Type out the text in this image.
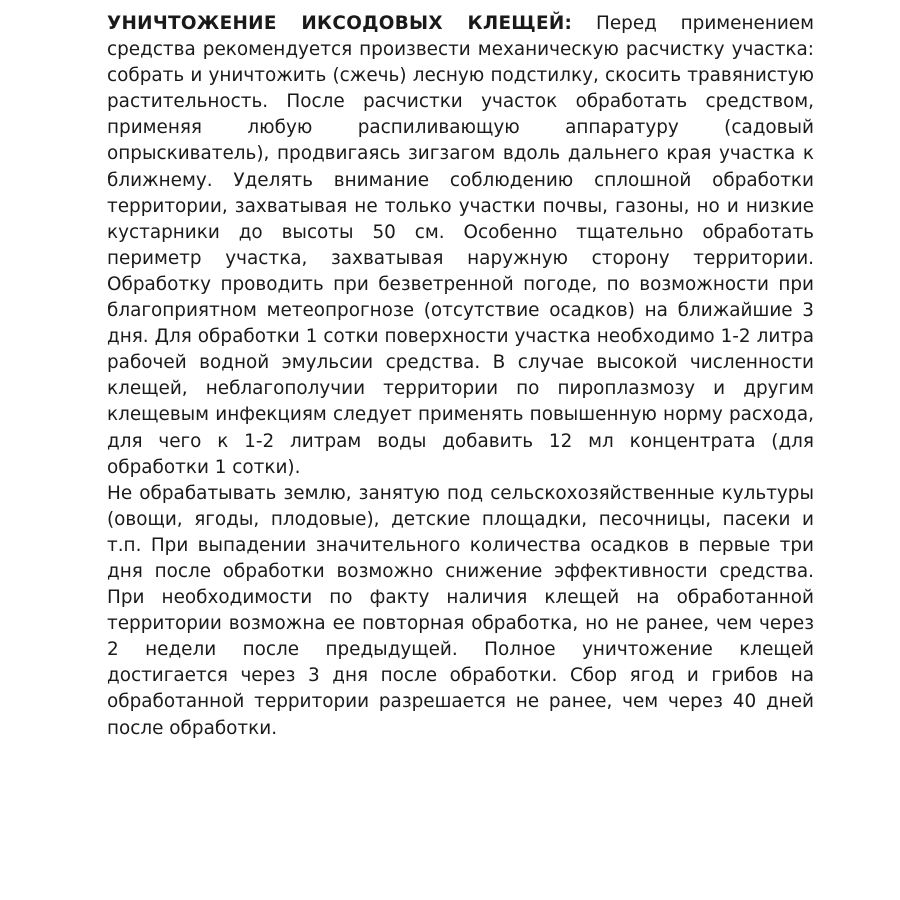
УНИЧТОЖЕНИЕ ИКСОДОВЫХ КЛЕЩЕЙ: Перед применением средства рекомендуется произвести механическую расчистку участка: собрать и уничтожить (сжечь) лесную подстилку, скосить травянистую растительность. После расчистки участок обработать средством, применяя любую распиливающую аппаратуру (садовый опрыскиватель), продвигаясь зигзагом вдоль дальнего края участка к ближнему. Уделять внимание соблюдению сплошной обработки территории, захватывая не только участки почвы, газоны, но и низкие кустарники до высоты 50 см. Особенно тщательно обработать периметр участка, захватывая наружную сторону территории. Обработку проводить при безветренной погоде, по возможности при благоприятном метеопрогнозе (отсутствие осадков) на ближайшие 3 дня. Для обработки 1 сотки поверхности участка необходимо 1-2 литра рабочей водной эмульсии средства. В случае высокой численности клещей, неблагополучии территории по пироплазмозу и другим клещевым инфекциям следует применять повышенную норму расхода, для чего к 1-2 литрам воды добавить 12 мл концентрата (для обработки 1 сотки).

Не обрабатывать землю, занятую под сельскохозяйственные культуры (овощи, ягоды, плодовые), детские площадки, песочницы, пасеки и т.п. При выпадении значительного количества осадков в первые три дня после обработки возможно снижение эффективности средства. При необходимости по факту наличия клещей на обработанной территории возможна ее повторная обработка, но не ранее, чем через 2 недели после предыдущей. Полное уничтожение клещей достигается через 3 дня после обработки. Сбор ягод и грибов на обработанной территории разрешается не ранее, чем через 40 дней после обработки.
